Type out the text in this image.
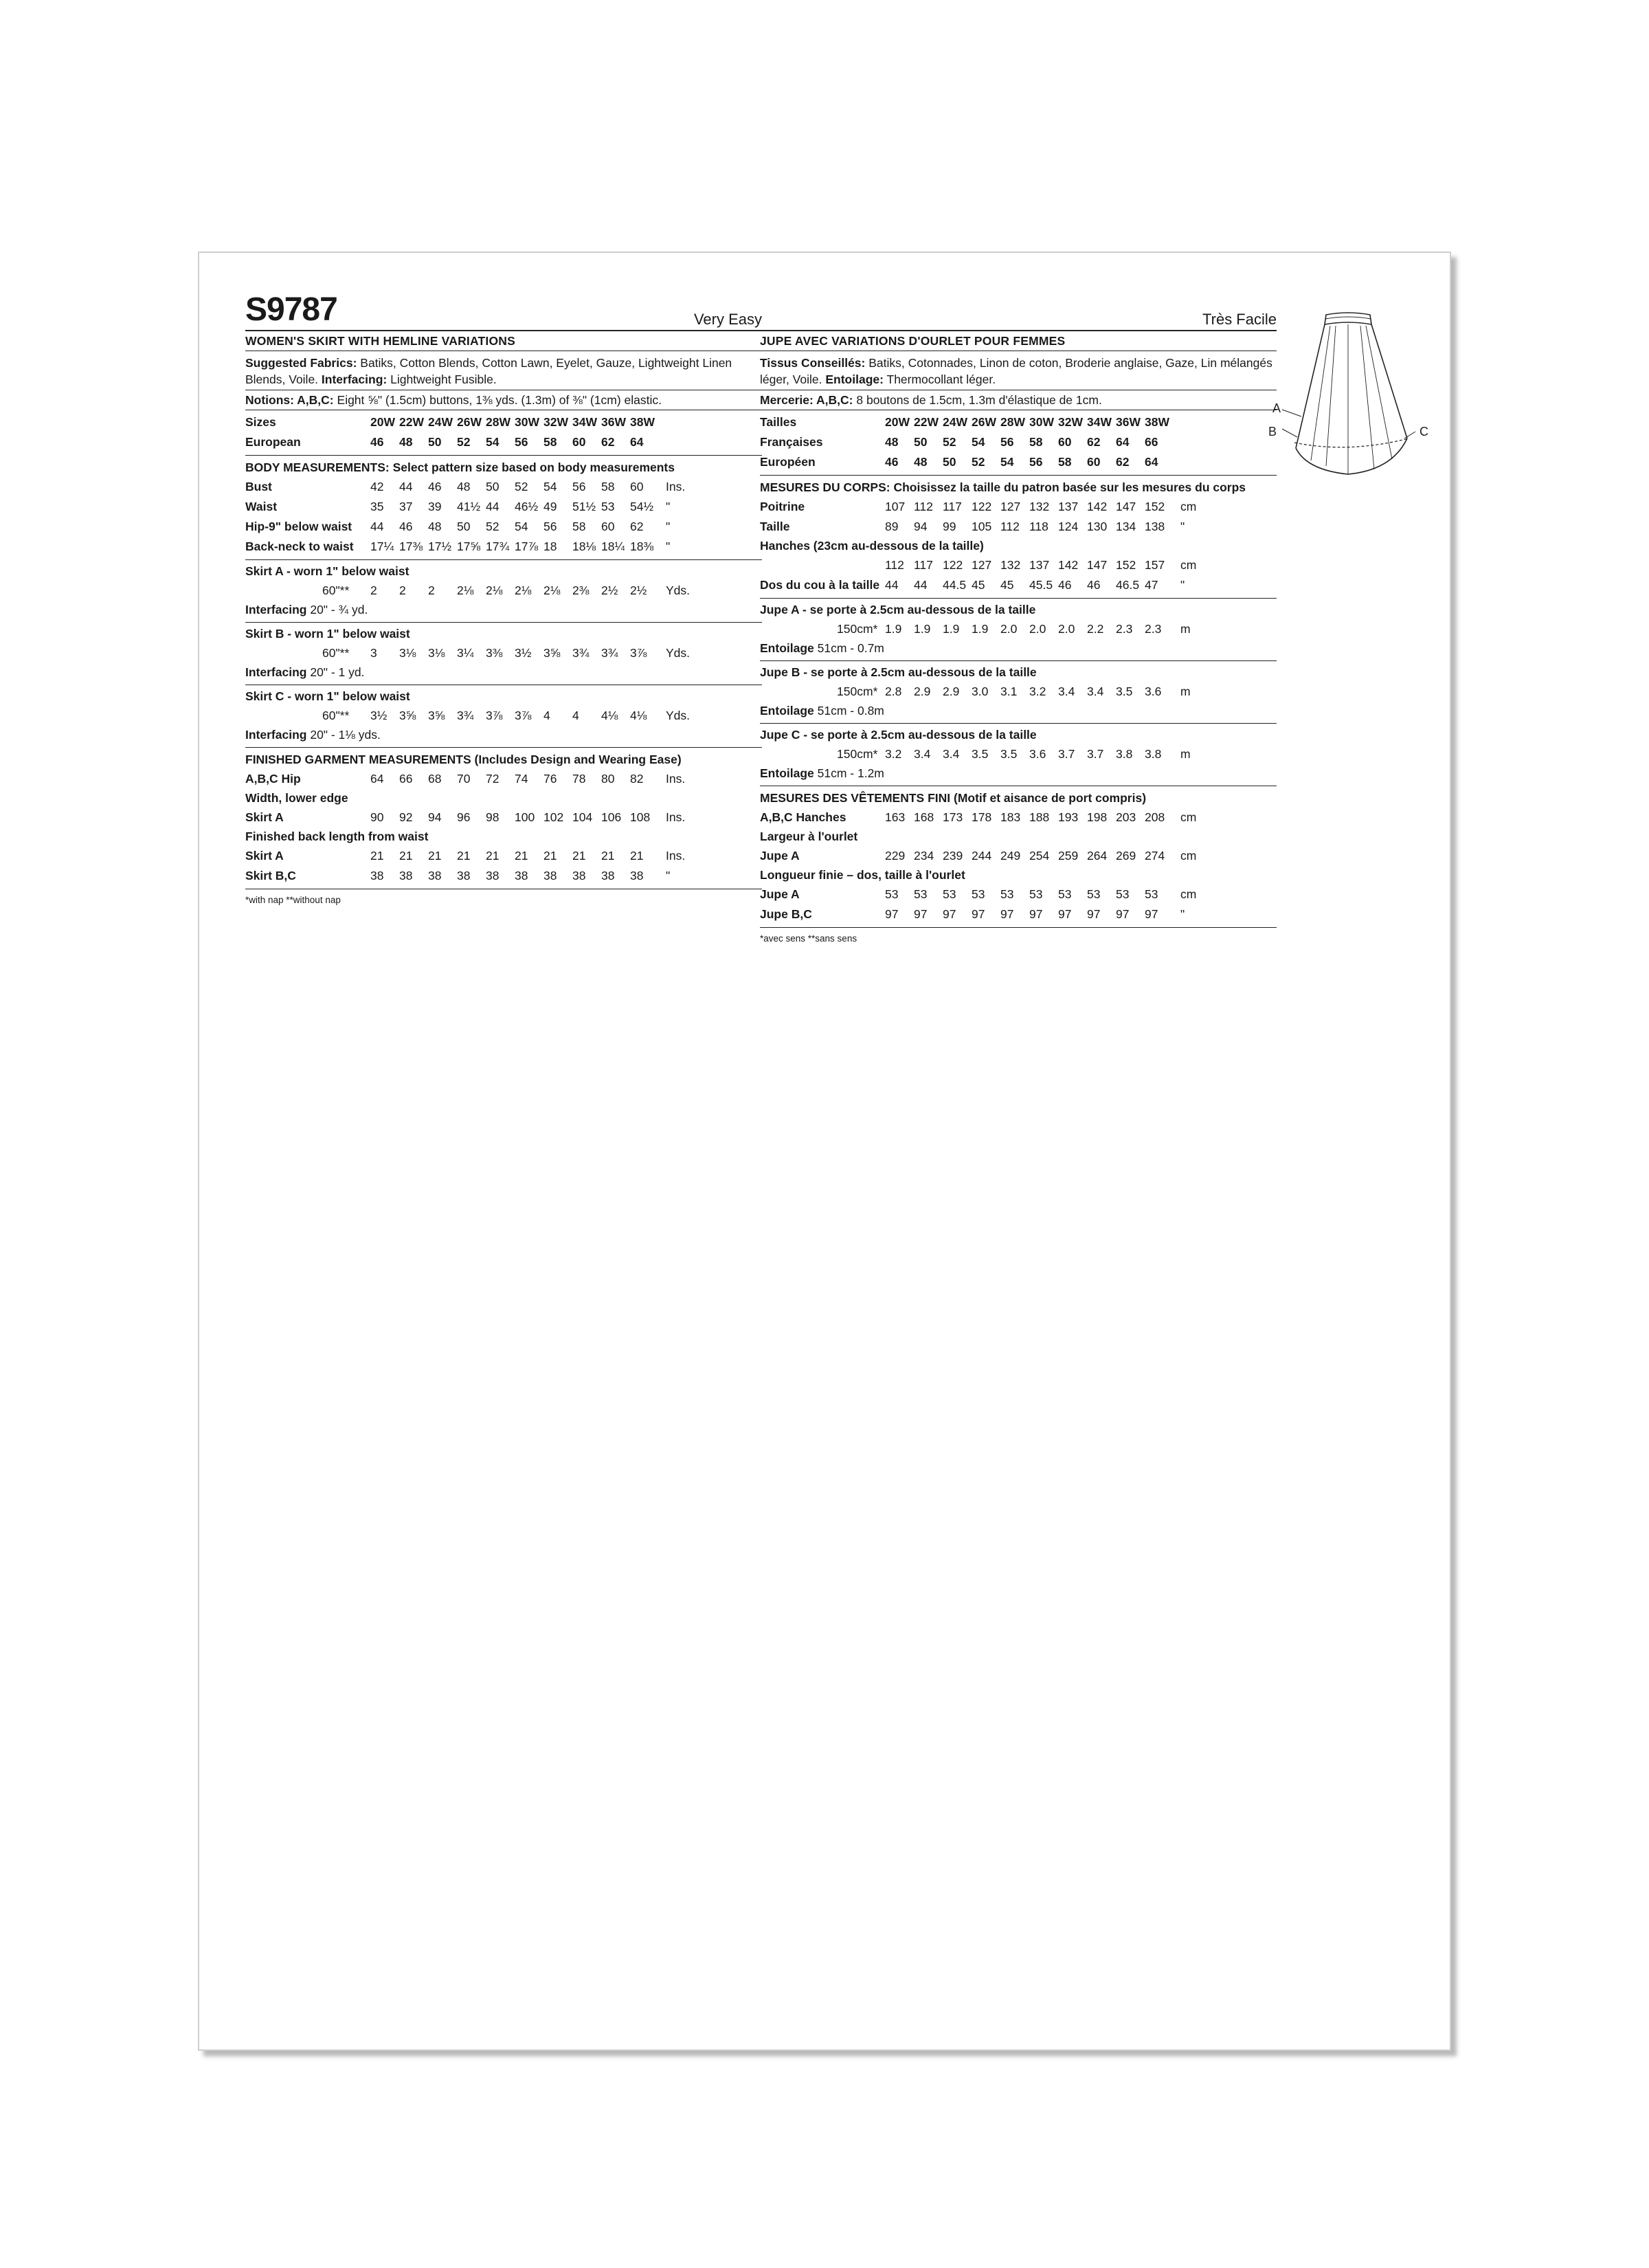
S9787	Very Easy
WOMEN'S SKIRT WITH HEMLINE VARIATIONS
Suggested Fabrics: Batiks, Cotton Blends, Cotton Lawn, Eyelet, Gauze, Lightweight Linen Blends, Voile. Interfacing: Lightweight Fusible.
Notions: A,B,C: Eight ⅝" (1.5cm) buttons, 1⅜ yds. (1.3m) of ⅜" (1cm) elastic.
Sizes	20W 22W 24W 26W 28W 30W 32W 34W 36W 38W
European	46 48 50 52 54 56 58 60 62 64
BODY MEASUREMENTS: Select pattern size based on body measurements
Bust	42 44 46 48 50 52 54 56 58 60 Ins.
Waist	35 37 39 41½ 44 46½ 49 51½ 53 54½ "
Hip-9" below waist 44 46 48 50 52 54 56 58 60 62 "
Back-neck to waist 17¼ 17⅜ 17½ 17⅝ 17¾ 17⅞ 18 18⅛ 18¼ 18⅜ "
Skirt A - worn 1" below waist
60"** 2 2 2 2⅛ 2⅛ 2⅛ 2⅛ 2⅜ 2½ 2½ Yds.
Interfacing 20" - ¾ yd.
Skirt B - worn 1" below waist
60"** 3 3⅛ 3⅛ 3¼ 3⅜ 3½ 3⅝ 3¾ 3¾ 3⅞ Yds.
Interfacing 20" - 1 yd.
Skirt C - worn 1" below waist
60"** 3½ 3⅝ 3⅝ 3¾ 3⅞ 3⅞ 4 4 4⅛ 4⅛ Yds.
Interfacing 20" - 1⅛ yds.
FINISHED GARMENT MEASUREMENTS (Includes Design and Wearing Ease)
A,B,C Hip	64 66 68 70 72 74 76 78 80 82 Ins.
Width, lower edge
Skirt A	90 92 94 96 98 100 102 104 106 108 Ins.
Finished back length from waist
Skirt A	21 21 21 21 21 21 21 21 21 21 Ins.
Skirt B,C	38 38 38 38 38 38 38 38 38 38 "
*with nap **without nap
Très Facile
JUPE AVEC VARIATIONS D'OURLET POUR FEMMES
Tissus Conseillés: Batiks, Cotonnades, Linon de coton, Broderie anglaise, Gaze, Lin mélangés léger, Voile. Entoilage: Thermocollant léger.
Mercerie: A,B,C: 8 boutons de 1.5cm, 1.3m d'élastique de 1cm.
Tailles	20W 22W 24W 26W 28W 30W 32W 34W 36W 38W
Françaises	48 50 52 54 56 58 60 62 64 66
Européen	46 48 50 52 54 56 58 60 62 64
MESURES DU CORPS: Choisissez la taille du patron basée sur les mesures du corps
Poitrine	107 112 117 122 127 132 137 142 147 152 cm
Taille	89 94 99 105 112 118 124 130 134 138 "
Hanches (23cm au-dessous de la taille)
112 117 122 127 132 137 142 147 152 157 cm
Dos du cou à la taille 44 44 44.5 45 45 45.5 46 46 46.5 47 "
Jupe A - se porte à 2.5cm au-dessous de la taille
150cm* 1.9 1.9 1.9 1.9 2.0 2.0 2.0 2.2 2.3 2.3 m
Entoilage 51cm - 0.7m
Jupe B - se porte à 2.5cm au-dessous de la taille
150cm* 2.8 2.9 2.9 3.0 3.1 3.2 3.4 3.4 3.5 3.6 m
Entoilage 51cm - 0.8m
Jupe C - se porte à 2.5cm au-dessous de la taille
150cm* 3.2 3.4 3.4 3.5 3.5 3.6 3.7 3.7 3.8 3.8 m
Entoilage 51cm - 1.2m
MESURES DES VÊTEMENTS FINI (Motif et aisance de port compris)
A,B,C Hanches	163 168 173 178 183 188 193 198 203 208 cm
Largeur à l'ourlet
Jupe A	229 234 239 244 249 254 259 264 269 274 cm
Longueur finie – dos, taille à l'ourlet
Jupe A	53 53 53 53 53 53 53 53 53 53 cm
Jupe B,C	97 97 97 97 97 97 97 97 97 97 "
*avec sens **sans sens
A
B	C
